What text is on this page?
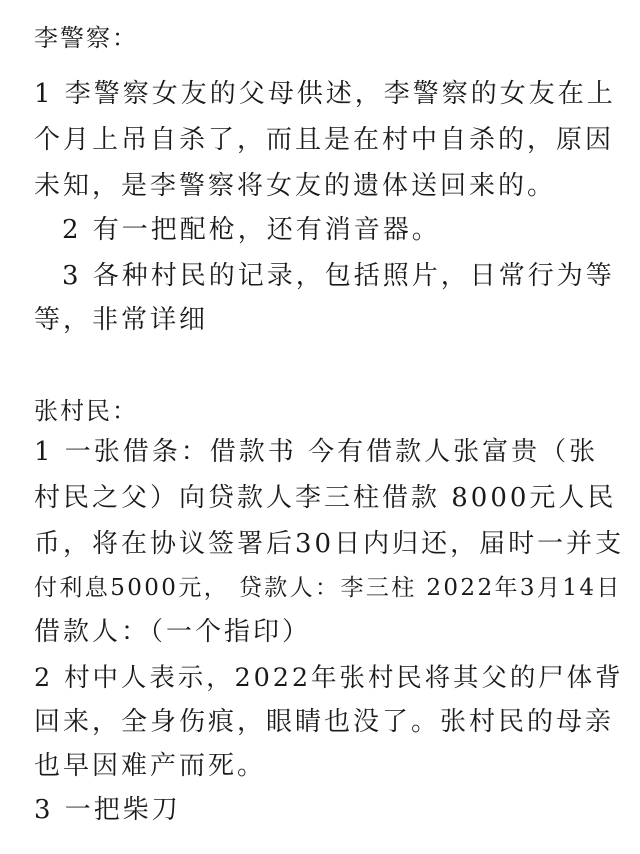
李警察：
1 李警察女友的父母供述，李警察的女友在上
个月上吊自杀了，而且是在村中自杀的，原因
未知，是李警察将女友的遗体送回来的。
2 有一把配枪，还有消音器。
3 各种村民的记录，包括照片，日常行为等
等，非常详细
张村民：
1 一张借条：借款书 今有借款人张富贵（张
村民之父）向贷款人李三柱借款 8000元人民
币，将在协议签署后30日内归还，届时一并支
付利息5000元， 贷款人：李三柱 2022年3月14日
借款人：（一个指印）
2 村中人表示，2022年张村民将其父的尸体背
回来，全身伤痕，眼睛也没了。张村民的母亲
也早因难产而死。
3 一把柴刀
